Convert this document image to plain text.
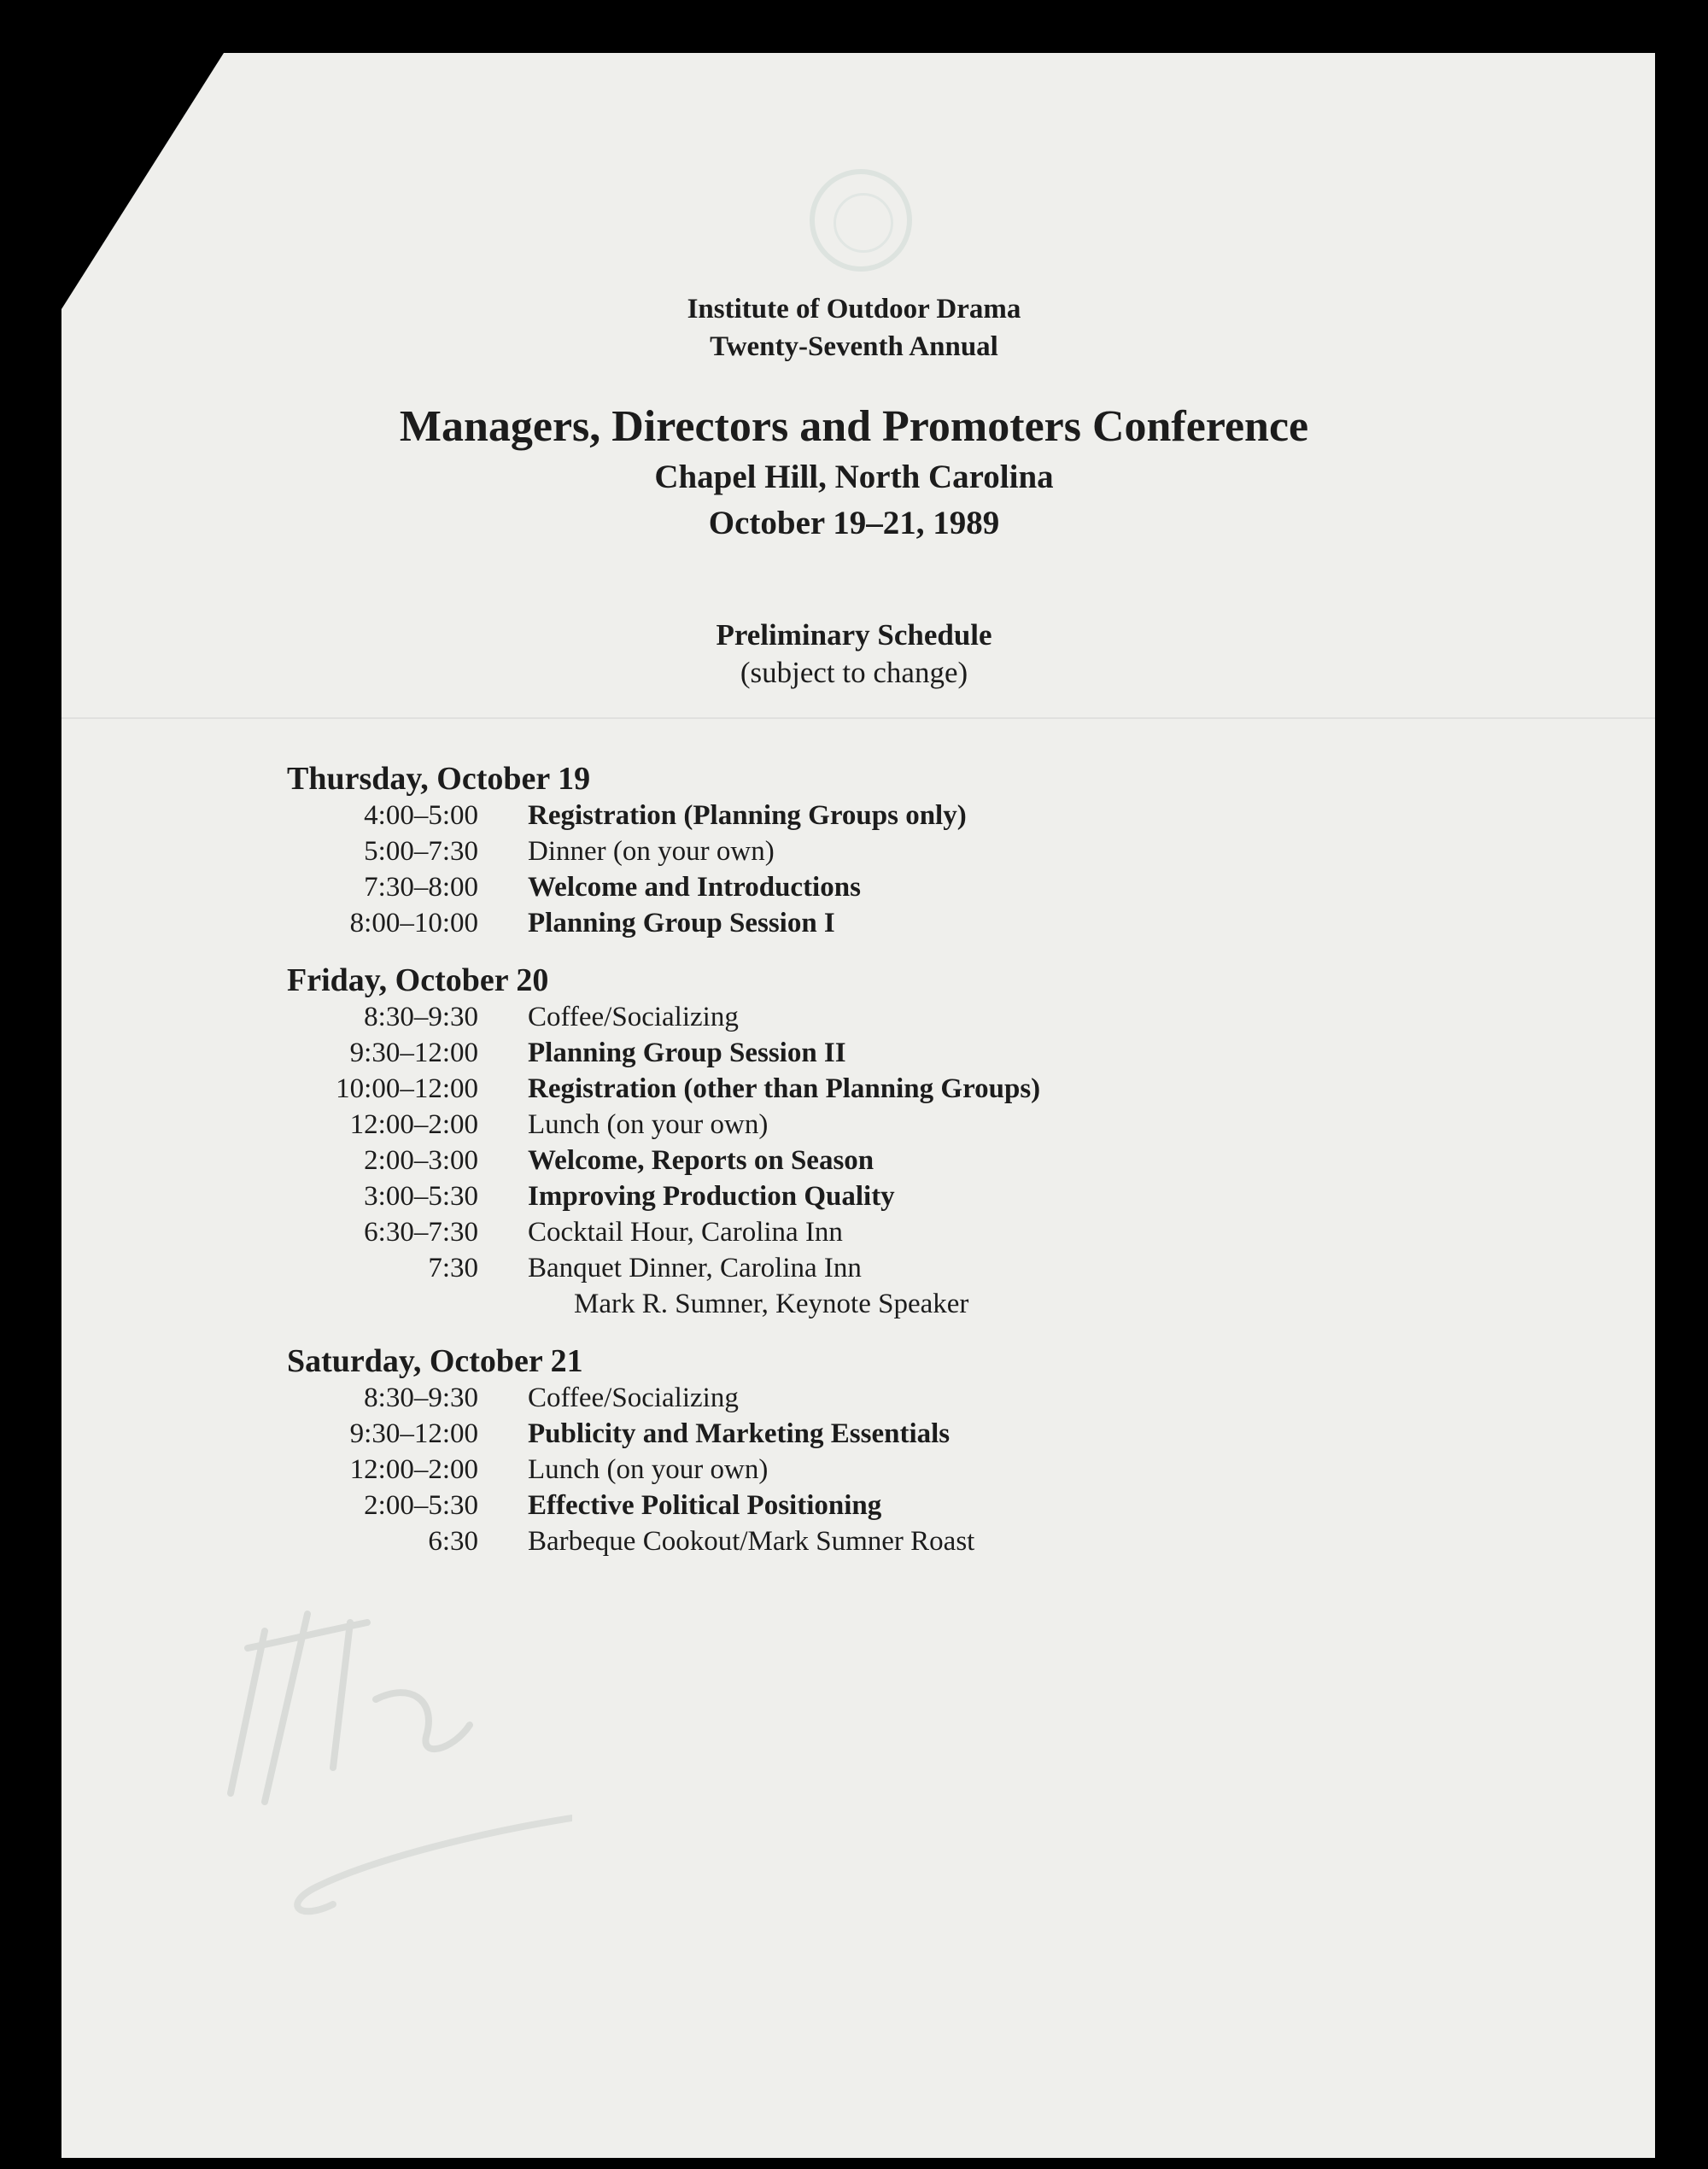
Institute of Outdoor Drama
Twenty-Seventh Annual
Managers, Directors and Promoters Conference
Chapel Hill, North Carolina
October 19–21, 1989
Preliminary Schedule
(subject to change)
Thursday, October 19
4:00–5:00 Registration (Planning Groups only)
5:00–7:30 Dinner (on your own)
7:30–8:00 Welcome and Introductions
8:00–10:00 Planning Group Session I
Friday, October 20
8:30–9:30 Coffee/Socializing
9:30–12:00 Planning Group Session II
10:00–12:00 Registration (other than Planning Groups)
12:00–2:00 Lunch (on your own)
2:00–3:00 Welcome, Reports on Season
3:00–5:30 Improving Production Quality
6:30–7:30 Cocktail Hour, Carolina Inn
7:30 Banquet Dinner, Carolina Inn
Mark R. Sumner, Keynote Speaker
Saturday, October 21
8:30–9:30 Coffee/Socializing
9:30–12:00 Publicity and Marketing Essentials
12:00–2:00 Lunch (on your own)
2:00–5:30 Effective Political Positioning
6:30 Barbeque Cookout/Mark Sumner Roast
